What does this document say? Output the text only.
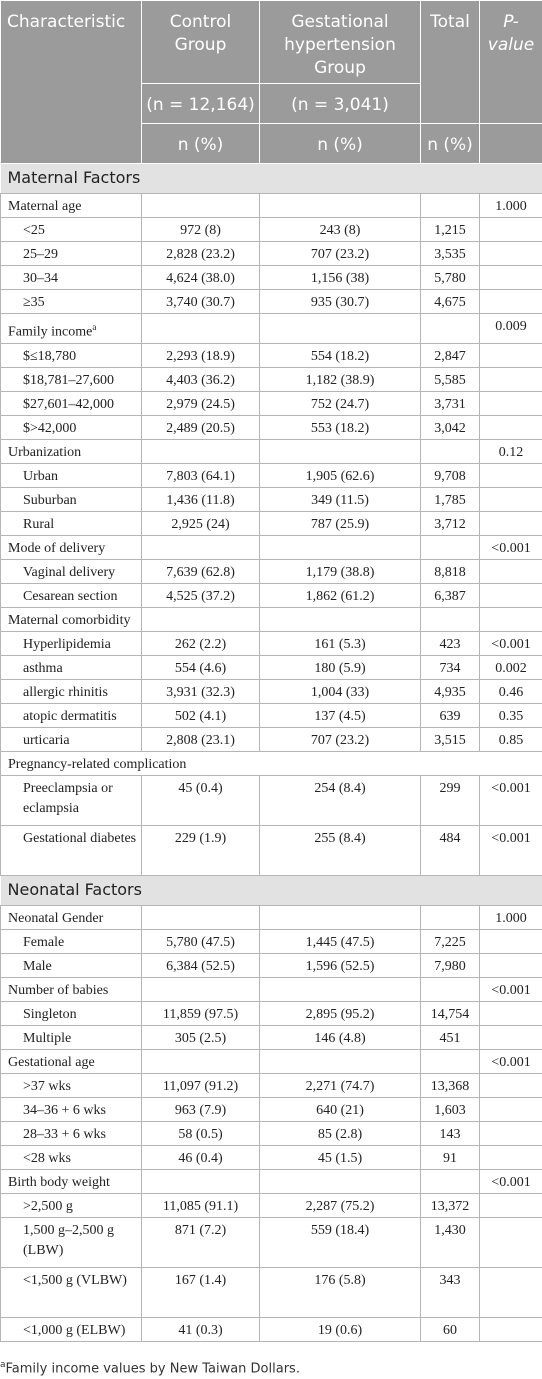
Characteristic	Control Group	Gestational hypertension Group	Total	P-value
	(n = 12,164)	(n = 3,041)		
	n (%)	n (%)	n (%)	
Maternal Factors				
Maternal age				1.000
<25	972 (8)	243 (8)	1,215	
25–29	2,828 (23.2)	707 (23.2)	3,535	
30–34	4,624 (38.0)	1,156 (38)	5,780	
≥35	3,740 (30.7)	935 (30.7)	4,675	
Family income$^a$				0.009
$≤18,780	2,293 (18.9)	554 (18.2)	2,847	
$18,781–27,600	4,403 (36.2)	1,182 (38.9)	5,585	
$27,601–42,000	2,979 (24.5)	752 (24.7)	3,731	
$>42,000	2,489 (20.5)	553 (18.2)	3,042	
Urbanization				0.12
Urban	7,803 (64.1)	1,905 (62.6)	9,708	
Suburban	1,436 (11.8)	349 (11.5)	1,785	
Rural	2,925 (24)	787 (25.9)	3,712	
Mode of delivery				<0.001
Vaginal delivery	7,639 (62.8)	1,179 (38.8)	8,818	
Cesarean section	4,525 (37.2)	1,862 (61.2)	6,387	
Maternal comorbidity				
Hyperlipidemia	262 (2.2)	161 (5.3)	423	<0.001
asthma	554 (4.6)	180 (5.9)	734	0.002
allergic rhinitis	3,931 (32.3)	1,004 (33)	4,935	0.46
atopic dermatitis	502 (4.1)	137 (4.5)	639	0.35
urticaria	2,808 (23.1)	707 (23.2)	3,515	0.85
Pregnancy-related complication				
Preeclampsia or eclampsia	45 (0.4)	254 (8.4)	299	<0.001
Gestational diabetes	229 (1.9)	255 (8.4)	484	<0.001
Neonatal Factors				
Neonatal Gender				1.000
Female	5,780 (47.5)	1,445 (47.5)	7,225	
Male	6,384 (52.5)	1,596 (52.5)	7,980	
Number of babies				<0.001
Singleton	11,859 (97.5)	2,895 (95.2)	14,754	
Multiple	305 (2.5)	146 (4.8)	451	
Gestational age				<0.001
>37 wks	11,097 (91.2)	2,271 (74.7)	13,368	
34–36 + 6 wks	963 (7.9)	640 (21)	1,603	
28–33 + 6 wks	58 (0.5)	85 (2.8)	143	
<28 wks	46 (0.4)	45 (1.5)	91	
Birth body weight				<0.001
>2,500 g	11,085 (91.1)	2,287 (75.2)	13,372	
1,500 g–2,500 g (LBW)	871 (7.2)	559 (18.4)	1,430	
<1,500 g (VLBW)	167 (1.4)	176 (5.8)	343	
<1,000 g (ELBW)	41 (0.3)	19 (0.6)	60	
$^a$Family income values by New Taiwan Dollars.
